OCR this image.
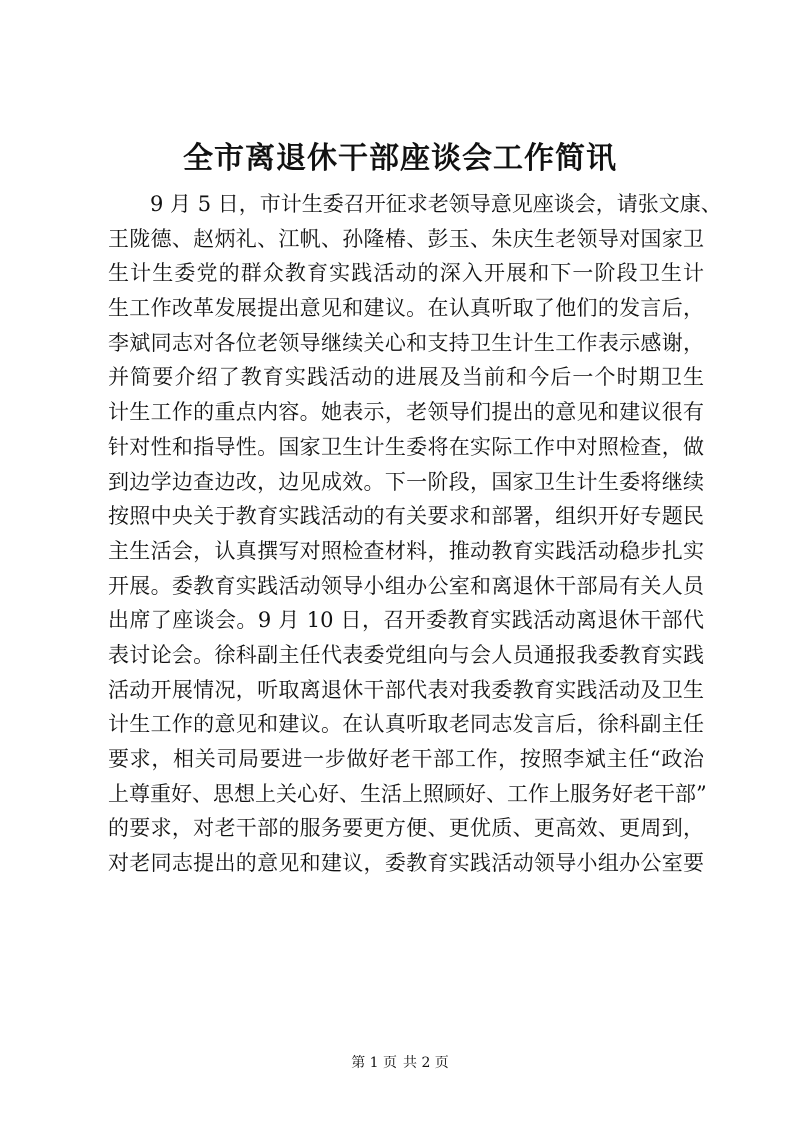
全市离退休干部座谈会工作简讯
9 月 5 日，市计生委召开征求老领导意见座谈会，请张文康、
王陇德、赵炳礼、江帆、孙隆椿、彭玉、朱庆生老领导对国家卫
生计生委党的群众教育实践活动的深入开展和下一阶段卫生计
生工作改革发展提出意见和建议。在认真听取了他们的发言后，
李斌同志对各位老领导继续关心和支持卫生计生工作表示感谢，
并简要介绍了教育实践活动的进展及当前和今后一个时期卫生
计生工作的重点内容。她表示，老领导们提出的意见和建议很有
针对性和指导性。国家卫生计生委将在实际工作中对照检查，做
到边学边查边改，边见成效。下一阶段，国家卫生计生委将继续
按照中央关于教育实践活动的有关要求和部署，组织开好专题民
主生活会，认真撰写对照检查材料，推动教育实践活动稳步扎实
开展。委教育实践活动领导小组办公室和离退休干部局有关人员
出席了座谈会。9 月 10 日，召开委教育实践活动离退休干部代
表讨论会。徐科副主任代表委党组向与会人员通报我委教育实践
活动开展情况，听取离退休干部代表对我委教育实践活动及卫生
计生工作的意见和建议。在认真听取老同志发言后，徐科副主任
要求，相关司局要进一步做好老干部工作，按照李斌主任“政治
上尊重好、思想上关心好、生活上照顾好、工作上服务好老干部”
的要求，对老干部的服务要更方便、更优质、更高效、更周到，
对老同志提出的意见和建议，委教育实践活动领导小组办公室要
第 1 页 共 2 页
